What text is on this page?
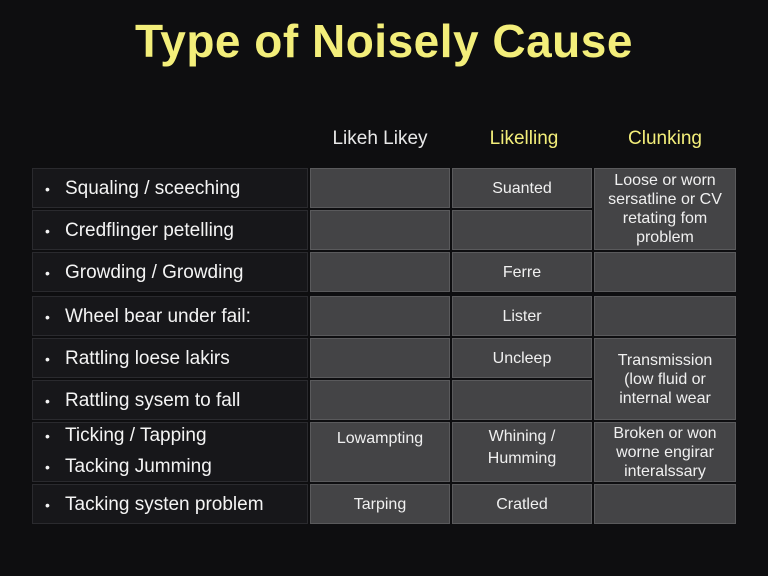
Type of Noisely Cause
Likeh Likey	Likelling	Clunking
• Squaling / sceeching
• Credflinger petelling
• Growding / Growding
• Wheel bear under fail:
• Rattling loese lakirs
• Rattling sysem to fall
• Ticking / Tapping
• Tacking Jumming
• Tacking systen problem
Lowampting
Tarping
Suanted
Ferre
Lister
Uncleep
Whining /
Humming
Cratled
Loose or worn
sersatline or CV
retating fom
problem
Transmission
(low fluid or
internal wear
Broken or won
worne engirar
interalssary
